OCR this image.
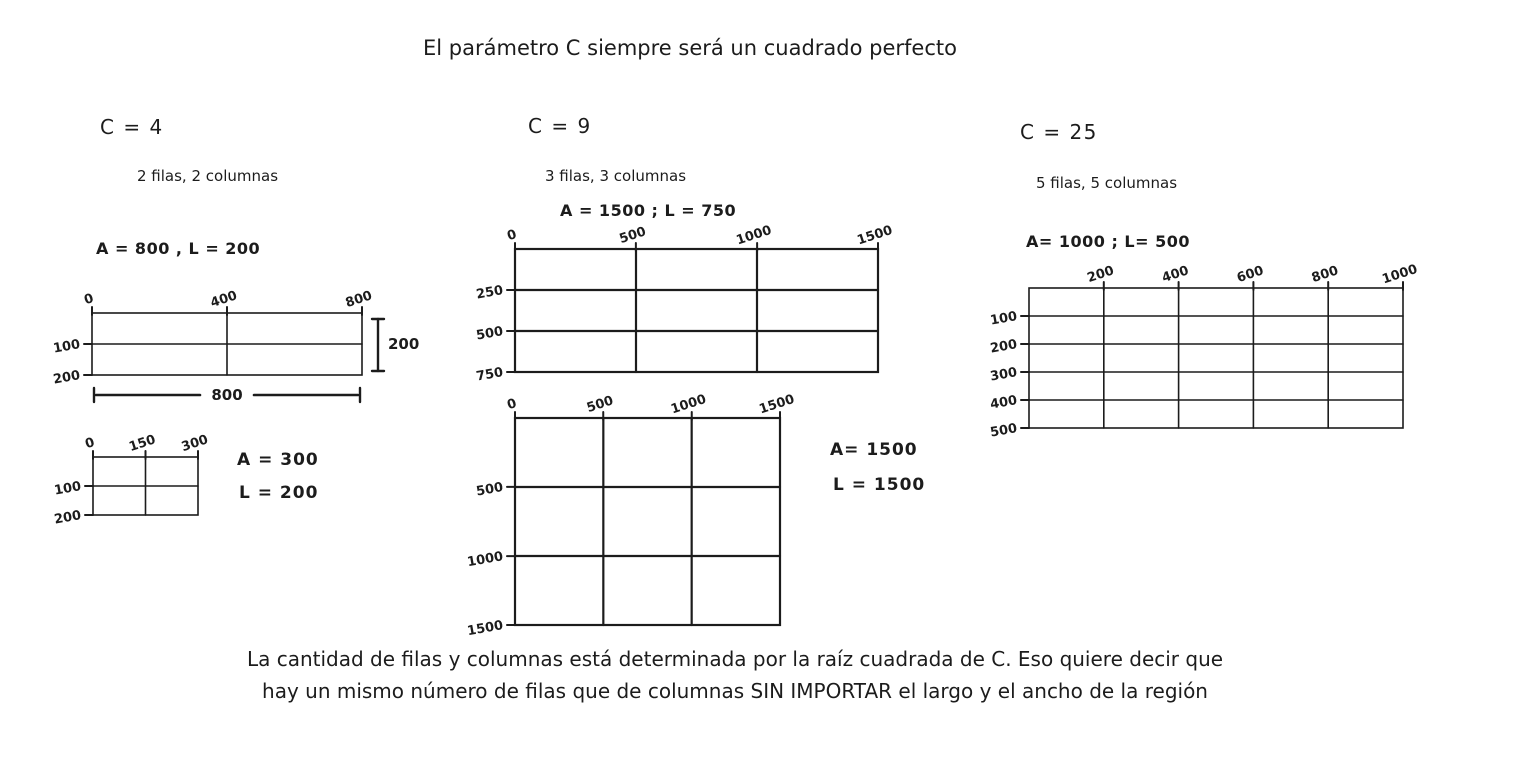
El parámetro C siempre será un cuadrado perfecto
C = 4
2 filas, 2 columnas
A = 800 , L = 200
0	400	800
100
200
200
800
0 150 300
100
200
A = 300
L = 200
C = 9
3 filas, 3 columnas
A = 1500 ; L = 750
0	500	1000	1500
250
500
750
0	500	1000	1500
500
1000
1500
A= 1500
L = 1500
C = 25
5 filas, 5 columnas
A= 1000 ; L= 500
200	400	600	800	1000
100
200
300
400
500
La cantidad de filas y columnas está determinada por la raíz cuadrada de C. Eso quiere decir que
hay un mismo número de filas que de columnas SIN IMPORTAR el largo y el ancho de la región
